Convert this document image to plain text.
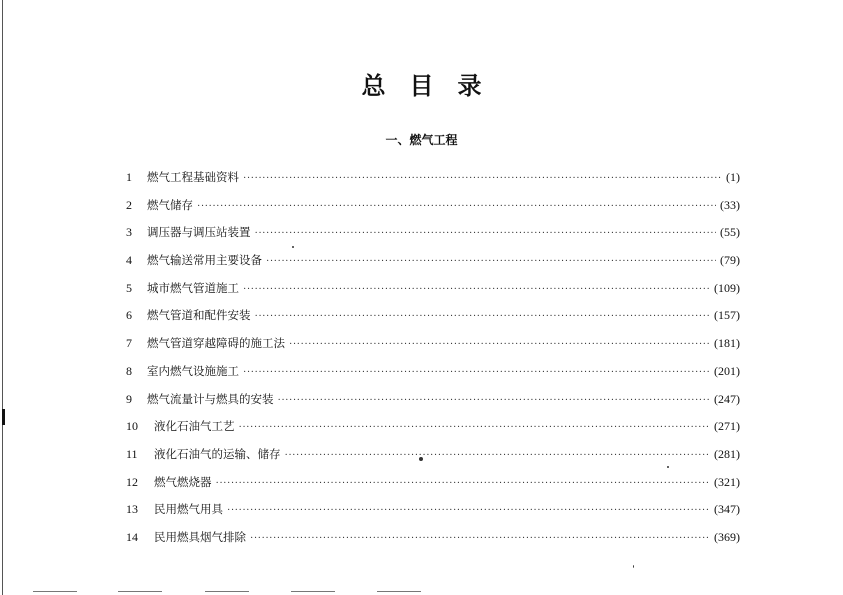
总目录
一、燃气工程
1	燃气工程基础资料 ·····	(1)
2	燃气储存 ·····	(33)
3	调压器与调压站装置 ·····	(55)
4	燃气输送常用主要设备 ·····	(79)
5	城市燃气管道施工 ·····	(109)
6	燃气管道和配件安装 ·····	(157)
7	燃气管道穿越障碍的施工法 ·····	(181)
8	室内燃气设施施工 ·····	(201)
9	燃气流量计与燃具的安装 ·····	(247)
10	液化石油气工艺 ·····	(271)
11	液化石油气的运输、储存 ·····	(281)
12	燃气燃烧器 ·····	(321)
13	民用燃气用具 ·····	(347)
14	民用燃具烟气排除 ·····	(369)
